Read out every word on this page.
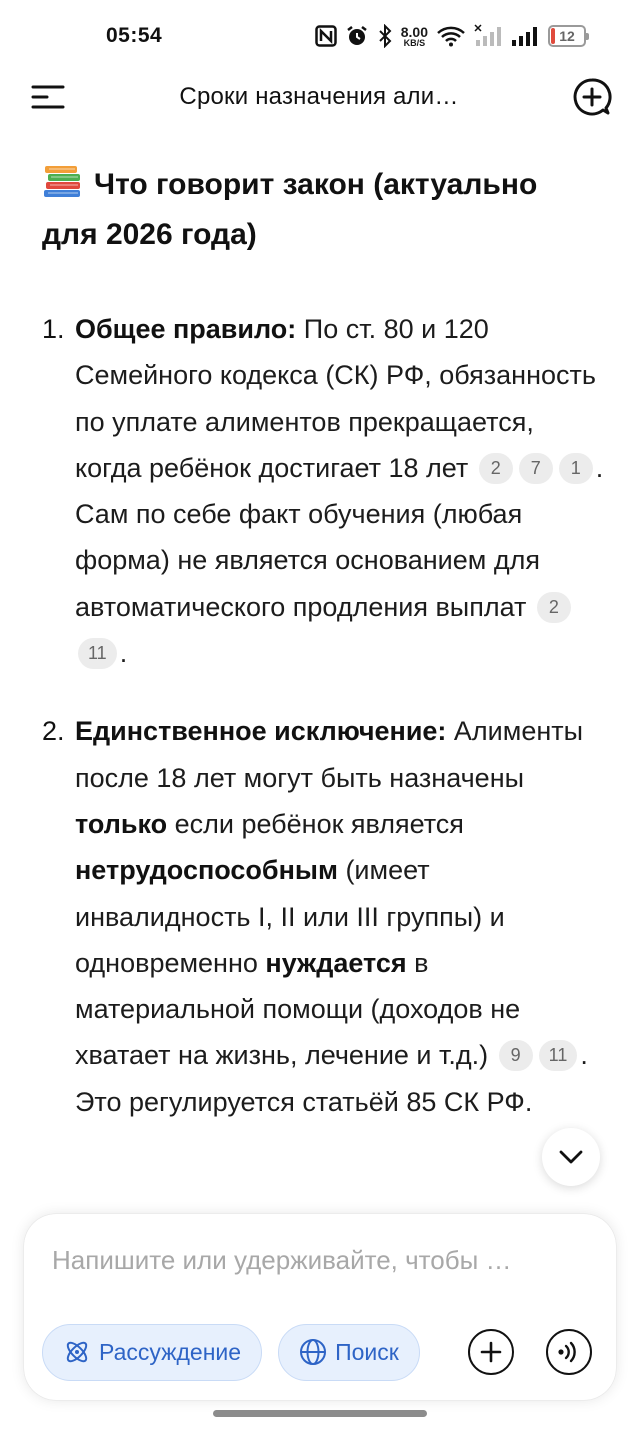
05:54	8.00
KB/S	12
Сроки назначения али…
Что говорит закон (актуально для 2026 года)
1. Общее правило: По ст. 80 и 120 Семейного кодекса (СК) РФ, обязанность по уплате алиментов прекращается, когда ребёнок достигает 18 лет 2 7 1 . Сам по себе факт обучения (любая форма) не является основанием для автоматического продления выплат 211 .
2. Единственное исключение: Алименты после 18 лет могут быть назначены только если ребёнок является нетрудоспособным (имеет инвалидность I, II или III группы) и одновременно нуждается в материальной помощи (доходов не хватает на жизнь, лечение и т.д.) 9 11 . Это регулируется статьёй 85 СК РФ.
Напишите или удерживайте, чтобы …
Рассуждение	Поиск
